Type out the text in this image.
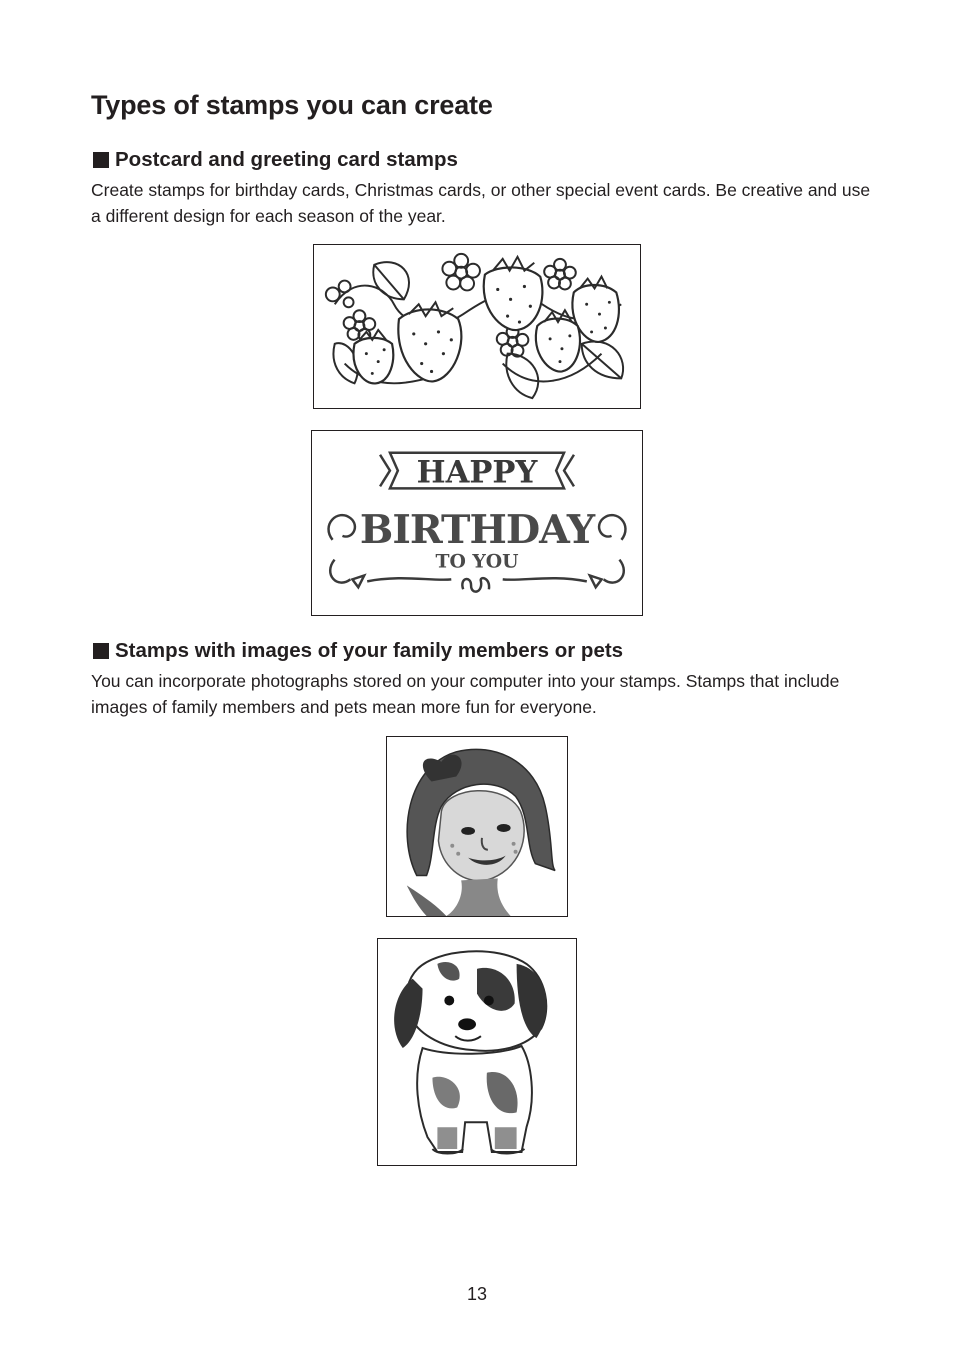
Types of stamps you can create
Postcard and greeting card stamps

Create stamps for birthday cards, Christmas cards, or other special event cards. Be creative and use a different design for each season of the year.

HAPPY
BIRTHDAY
TO YOU
Stamps with images of your family members or pets

You can incorporate photographs stored on your computer into your stamps. Stamps that include images of family members and pets mean more fun for everyone.

13
